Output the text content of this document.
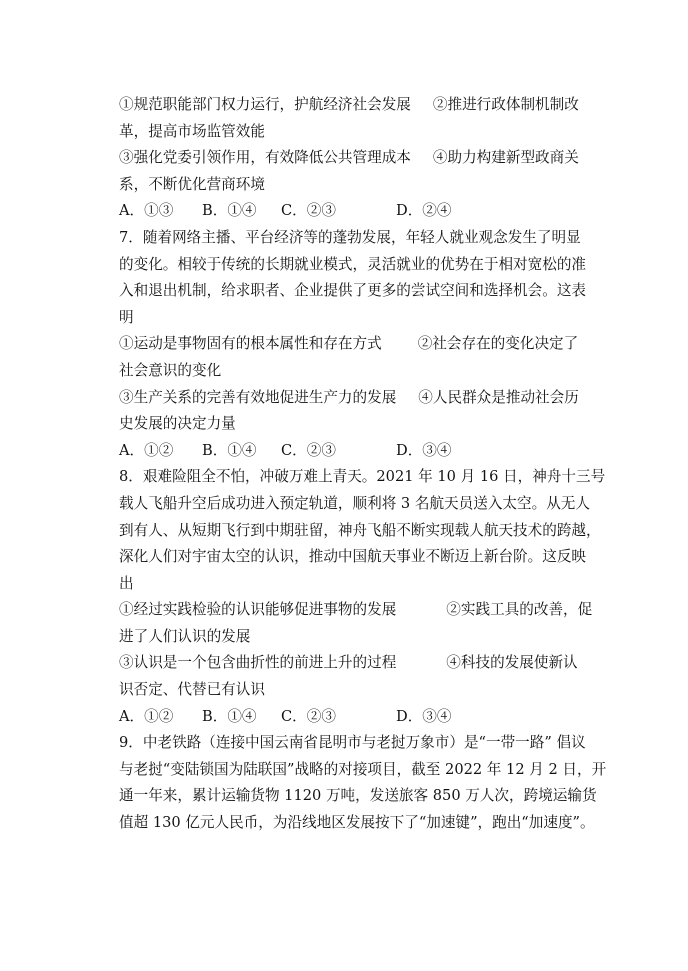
①规范职能部门权力运行，护航经济社会发展 ②推进行政体制机制改
革，提高市场监管效能
③强化党委引领作用，有效降低公共管理成本 ④助力构建新型政商关
系，不断优化营商环境
A．①③ B．①④ C．②③	D．②④
7．随着网络主播、平台经济等的蓬勃发展，年轻人就业观念发生了明显
的变化。相较于传统的长期就业模式，灵活就业的优势在于相对宽松的准
入和退出机制，给求职者、企业提供了更多的尝试空间和选择机会。这表
明
①运动是事物固有的根本属性和存在方式 ②社会存在的变化决定了
社会意识的变化
③生产关系的完善有效地促进生产力的发展 ④人民群众是推动社会历
史发展的决定力量
A．①② B．①④ C．②③	D．③④
8．艰难险阻全不怕，冲破万难上青天。2021 年 10 月 16 日，神舟十三号
载人飞船升空后成功进入预定轨道，顺利将 3 名航天员送入太空。从无人
到有人、从短期飞行到中期驻留，神舟飞船不断实现载人航天技术的跨越，
深化人们对宇宙太空的认识，推动中国航天事业不断迈上新台阶。这反映
出
①经过实践检验的认识能够促进事物的发展	②实践工具的改善，促
进了人们认识的发展
③认识是一个包含曲折性的前进上升的过程	④科技的发展使新认
识否定、代替已有认识
A．①② B．①④ C．②③	D．③④
9．中老铁路（连接中国云南省昆明市与老挝万象市）是“一带一路” 倡议
与老挝“变陆锁国为陆联国”战略的对接项目，截至 2022 年 12 月 2 日，开
通一年来，累计运输货物 1120 万吨，发送旅客 850 万人次，跨境运输货
值超 130 亿元人民币，为沿线地区发展按下了“加速键”，跑出“加速度”。
